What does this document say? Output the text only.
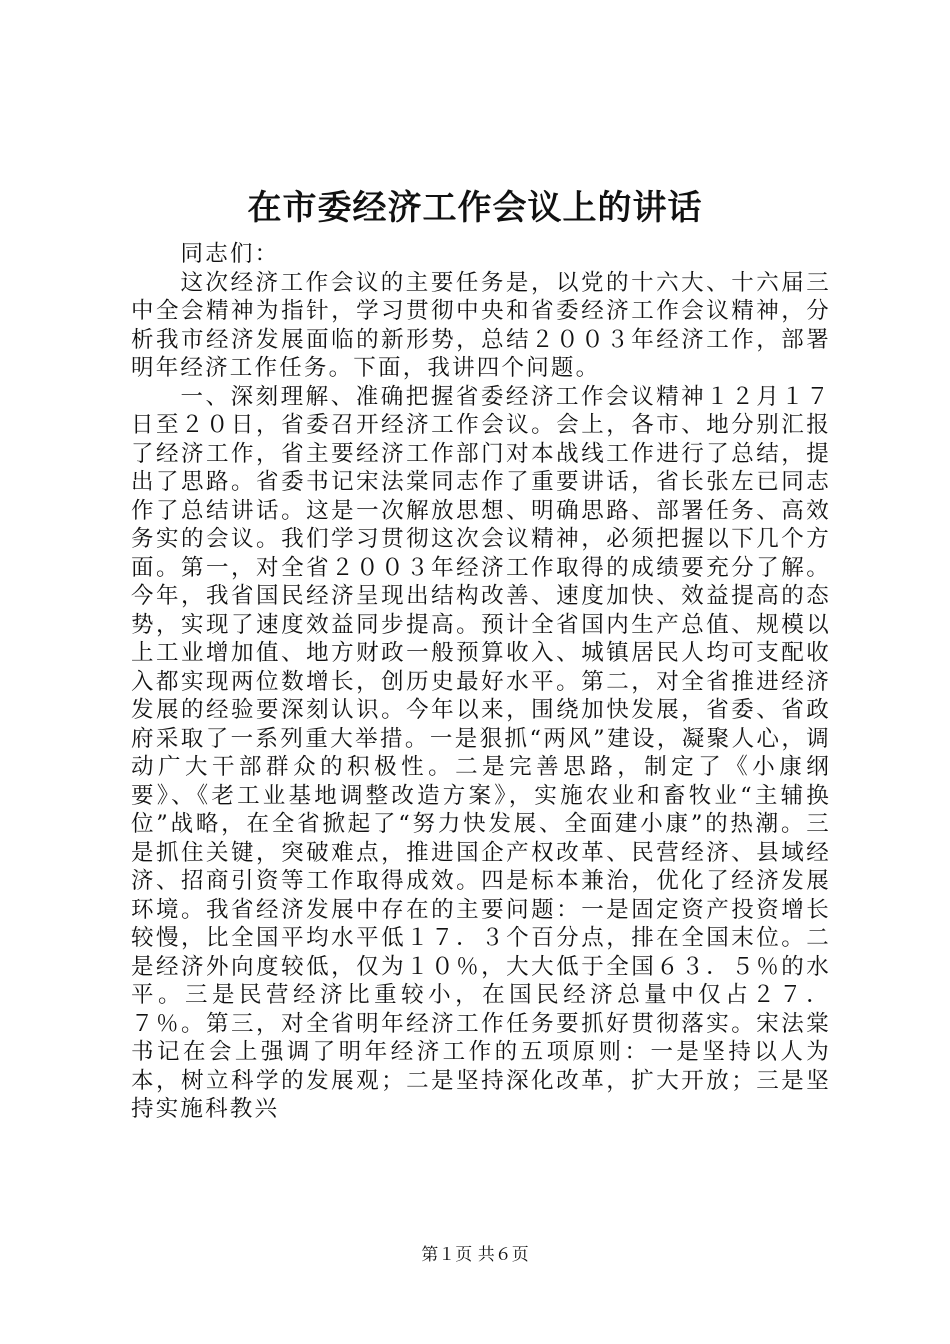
在市委经济工作会议上的讲话

同志们：

这次经济工作会议的主要任务是，以党的十六大、十六届三中全会精神为指针，学习贯彻中央和省委经济工作会议精神，分析我市经济发展面临的新形势，总结２００３年经济工作，部署明年经济工作任务。下面，我讲四个问题。

一、深刻理解、准确把握省委经济工作会议精神１２月１７日至２０日，省委召开经济工作会议。会上，各市、地分别汇报了经济工作，省主要经济工作部门对本战线工作进行了总结，提出了思路。省委书记宋法棠同志作了重要讲话，省长张左已同志作了总结讲话。这是一次解放思想、明确思路、部署任务、高效务实的会议。我们学习贯彻这次会议精神，必须把握以下几个方面。第一，对全省２００３年经济工作取得的成绩要充分了解。今年，我省国民经济呈现出结构改善、速度加快、效益提高的态势，实现了速度效益同步提高。预计全省国内生产总值、规模以上工业增加值、地方财政一般预算收入、城镇居民人均可支配收入都实现两位数增长，创历史最好水平。第二，对全省推进经济发展的经验要深刻认识。今年以来，围绕加快发展，省委、省政府采取了一系列重大举措。一是狠抓“两风”建设，凝聚人心，调动广大干部群众的积极性。二是完善思路，制定了《小康纲要》、《老工业基地调整改造方案》，实施农业和畜牧业“主辅换位”战略，在全省掀起了“努力快发展、全面建小康”的热潮。三是抓住关键，突破难点，推进国企产权改革、民营经济、县域经济、招商引资等工作取得成效。四是标本兼治，优化了经济发展环境。我省经济发展中存在的主要问题：一是固定资产投资增长较慢，比全国平均水平低１７．３个百分点，排在全国末位。二是经济外向度较低，仅为１０％，大大低于全国６３．５％的水平。三是民营经济比重较小，在国民经济总量中仅占２７．７％。第三，对全省明年经济工作任务要抓好贯彻落实。宋法棠书记在会上强调了明年经济工作的五项原则：一是坚持以人为本，树立科学的发展观；二是坚持深化改革，扩大开放；三是坚持实施科教兴

第１页 共６页
